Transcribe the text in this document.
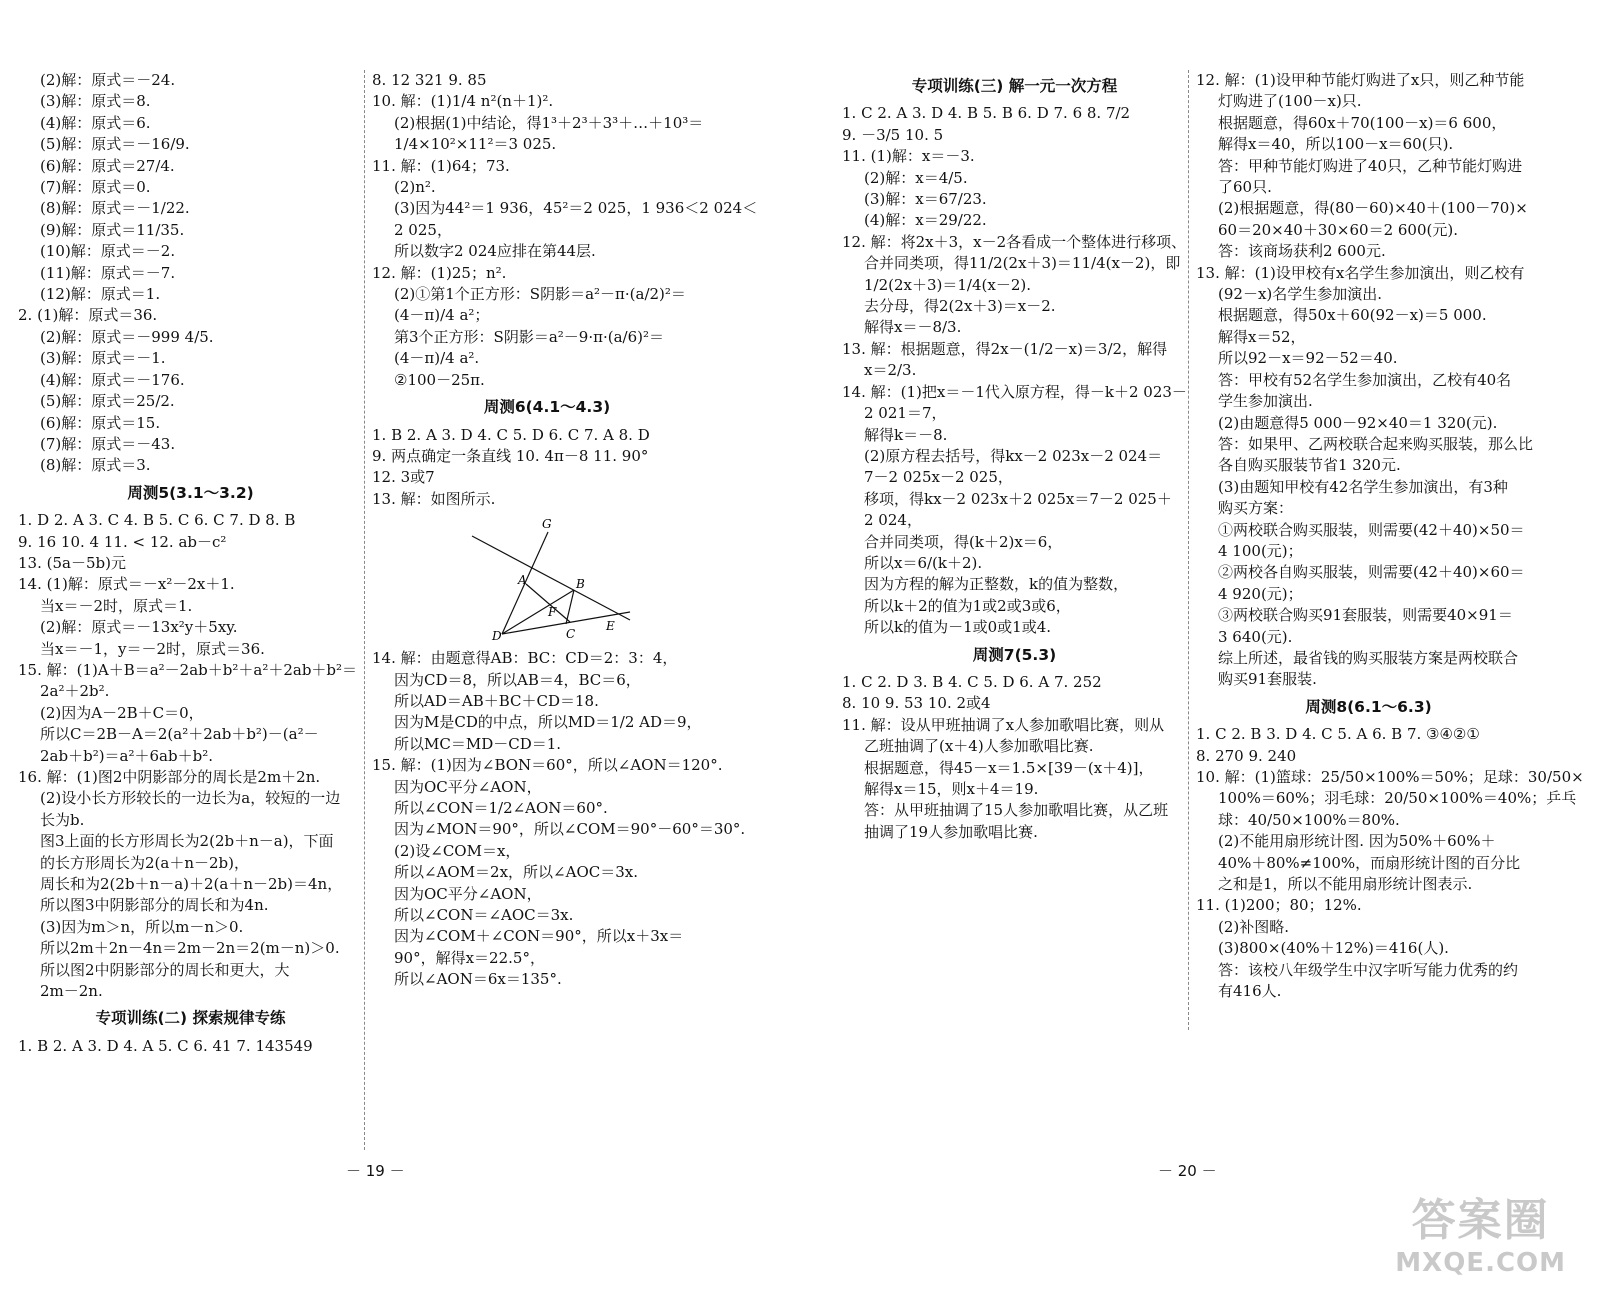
(2)解：原式＝－24.
(3)解：原式＝8.
(4)解：原式＝6.
(5)解：原式＝－16/9.
(6)解：原式＝27/4.
(7)解：原式＝0.
(8)解：原式＝－1/22.
(9)解：原式＝11/35.
(10)解：原式＝－2.
(11)解：原式＝－7.
(12)解：原式＝1.
2. (1)解：原式＝36.
(2)解：原式＝－999 4/5.
(3)解：原式＝－1.
(4)解：原式＝－176.
(5)解：原式＝25/2.
(6)解：原式＝15.
(7)解：原式＝－43.
(8)解：原式＝3.
周测5(3.1～3.2)
1. D 2. A 3. C 4. B 5. C 6. C 7. D 8. B
9. 16 10. 4 11. < 12. ab－c²
13. (5a－5b)元
14. (1)解：原式＝－x²－2x＋1.
当x＝－2时，原式＝1.
(2)解：原式＝－13x²y＋5xy.
当x＝－1，y＝－2时，原式＝36.
15. 解：(1)A＋B＝a²－2ab＋b²＋a²＋2ab＋b²＝
2a²＋2b².
(2)因为A－2B＋C＝0，
所以C＝2B－A＝2(a²＋2ab＋b²)－(a²－
2ab＋b²)＝a²＋6ab＋b².
16. 解：(1)图2中阴影部分的周长是2m＋2n.
(2)设小长方形较长的一边长为a，较短的一边
长为b.
图3上面的长方形周长为2(2b＋n－a)，下面
的长方形周长为2(a＋n－2b)，
周长和为2(2b＋n－a)＋2(a＋n－2b)＝4n，
所以图3中阴影部分的周长和为4n.
(3)因为m＞n，所以m－n＞0.
所以2m＋2n－4n＝2m－2n＝2(m－n)＞0.
所以图2中阴影部分的周长和更大，大
2m－2n.
专项训练(二) 探索规律专练
1. B 2. A 3. D 4. A 5. C 6. 41 7. 143549
8. 12 321 9. 85
10. 解：(1)1/4 n²(n＋1)².
(2)根据(1)中结论，得1³＋2³＋3³＋…＋10³＝
1/4×10²×11²＝3 025.
11. 解：(1)64；73.
(2)n².
(3)因为44²＝1 936，45²＝2 025，1 936＜2 024＜
2 025，
所以数字2 024应排在第44层.
12. 解：(1)25；n².
(2)①第1个正方形：S阴影＝a²－π·(a/2)²＝
(4－π)/4 a²；
第3个正方形：S阴影＝a²－9·π·(a/6)²＝
(4－π)/4 a².
②100－25π.
周测6(4.1～4.3)
1. B 2. A 3. D 4. C 5. D 6. C 7. A 8. D
9. 两点确定一条直线 10. 4π－8 11. 90°
12. 3或7
13. 解：如图所示.
G
A	B
F
C
E
D
14. 解：由题意得AB：BC：CD＝2：3：4，
因为CD＝8，所以AB＝4，BC＝6，
所以AD＝AB＋BC＋CD＝18.
因为M是CD的中点，所以MD＝1/2 AD＝9，
所以MC＝MD－CD＝1.
15. 解：(1)因为∠BON＝60°，所以∠AON＝120°.
因为OC平分∠AON，
所以∠CON＝1/2∠AON＝60°.
因为∠MON＝90°，所以∠COM＝90°－60°＝30°.
(2)设∠COM＝x，
所以∠AOM＝2x，所以∠AOC＝3x.
因为OC平分∠AON，
所以∠CON＝∠AOC＝3x.
因为∠COM＋∠CON＝90°，所以x＋3x＝
90°，解得x＝22.5°，
所以∠AON＝6x＝135°.
专项训练(三) 解一元一次方程
1. C 2. A 3. D 4. B 5. B 6. D 7. 6 8. 7/2
9. －3/5 10. 5
11. (1)解：x＝－3.
(2)解：x＝4/5.
(3)解：x＝67/23.
(4)解：x＝29/22.
12. 解：将2x＋3，x－2各看成一个整体进行移项、
合并同类项，得11/2(2x＋3)＝11/4(x－2)，即
1/2(2x＋3)＝1/4(x－2).
去分母，得2(2x＋3)＝x－2.
解得x＝－8/3.
13. 解：根据题意，得2x－(1/2－x)＝3/2，解得
x＝2/3.
14. 解：(1)把x＝－1代入原方程，得－k＋2 023－
2 021＝7，
解得k＝－8.
(2)原方程去括号，得kx－2 023x－2 024＝
7－2 025x－2 025，
移项，得kx－2 023x＋2 025x＝7－2 025＋
2 024，
合并同类项，得(k＋2)x＝6，
所以x＝6/(k＋2).
因为方程的解为正整数，k的值为整数，
所以k＋2的值为1或2或3或6，
所以k的值为－1或0或1或4.
周测7(5.3)
1. C 2. D 3. B 4. C 5. D 6. A 7. 252
8. 10 9. 53 10. 2或4
11. 解：设从甲班抽调了x人参加歌唱比赛，则从
乙班抽调了(x＋4)人参加歌唱比赛.
根据题意，得45－x＝1.5×[39－(x＋4)]，
解得x＝15，则x＋4＝19.
答：从甲班抽调了15人参加歌唱比赛，从乙班
抽调了19人参加歌唱比赛.
12. 解：(1)设甲种节能灯购进了x只，则乙种节能
灯购进了(100－x)只.
根据题意，得60x＋70(100－x)＝6 600，
解得x＝40，所以100－x＝60(只).
答：甲种节能灯购进了40只，乙种节能灯购进
了60只.
(2)根据题意，得(80－60)×40＋(100－70)×
60＝20×40＋30×60＝2 600(元).
答：该商场获利2 600元.
13. 解：(1)设甲校有x名学生参加演出，则乙校有
(92－x)名学生参加演出.
根据题意，得50x＋60(92－x)＝5 000.
解得x＝52，
所以92－x＝92－52＝40.
答：甲校有52名学生参加演出，乙校有40名
学生参加演出.
(2)由题意得5 000－92×40＝1 320(元).
答：如果甲、乙两校联合起来购买服装，那么比
各自购买服装节省1 320元.
(3)由题知甲校有42名学生参加演出，有3种
购买方案：
①两校联合购买服装，则需要(42＋40)×50＝
4 100(元)；
②两校各自购买服装，则需要(42＋40)×60＝
4 920(元)；
③两校联合购买91套服装，则需要40×91＝
3 640(元).
综上所述，最省钱的购买服装方案是两校联合
购买91套服装.
周测8(6.1～6.3)
1. C 2. B 3. D 4. C 5. A 6. B 7. ③④②①
8. 270 9. 240
10. 解：(1)篮球：25/50×100%＝50%；足球：30/50×
100%＝60%；羽毛球：20/50×100%＝40%；乒乓
球：40/50×100%＝80%.
(2)不能用扇形统计图. 因为50%＋60%＋
40%＋80%≠100%，而扇形统计图的百分比
之和是1，所以不能用扇形统计图表示.
11. (1)200；80；12%.
(2)补图略.
(3)800×(40%＋12%)＝416(人).
答：该校八年级学生中汉字听写能力优秀的约
有416人.
－ 19 －	－ 20 －
答案圈
MXQE.COM
